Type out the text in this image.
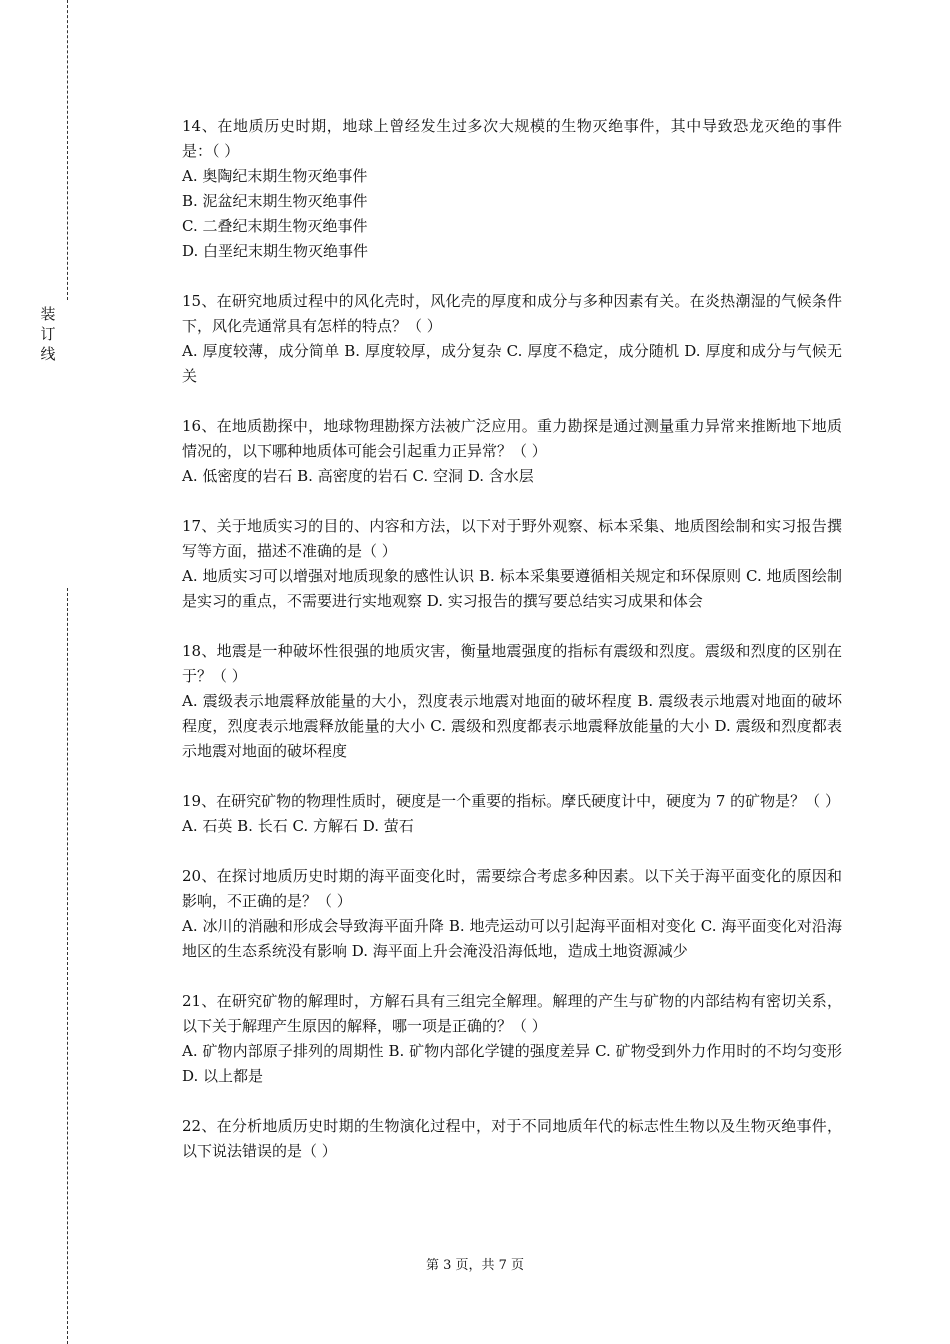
装订线

14、在地质历史时期，地球上曾经发生过多次大规模的生物灭绝事件，其中导致恐龙灭绝的事件是：（ ）

A. 奥陶纪末期生物灭绝事件

B. 泥盆纪末期生物灭绝事件

C. 二叠纪末期生物灭绝事件

D. 白垩纪末期生物灭绝事件

15、在研究地质过程中的风化壳时，风化壳的厚度和成分与多种因素有关。在炎热潮湿的气候条件下，风化壳通常具有怎样的特点？（ ）

A. 厚度较薄，成分简单 B. 厚度较厚，成分复杂 C. 厚度不稳定，成分随机 D. 厚度和成分与气候无关

16、在地质勘探中，地球物理勘探方法被广泛应用。重力勘探是通过测量重力异常来推断地下地质情况的，以下哪种地质体可能会引起重力正异常？（ ）

A. 低密度的岩石 B. 高密度的岩石 C. 空洞 D. 含水层

17、关于地质实习的目的、内容和方法，以下对于野外观察、标本采集、地质图绘制和实习报告撰写等方面，描述不准确的是（ ）

A. 地质实习可以增强对地质现象的感性认识 B. 标本采集要遵循相关规定和环保原则 C. 地质图绘制是实习的重点，不需要进行实地观察 D. 实习报告的撰写要总结实习成果和体会

18、地震是一种破坏性很强的地质灾害，衡量地震强度的指标有震级和烈度。震级和烈度的区别在于？（ ）

A. 震级表示地震释放能量的大小，烈度表示地震对地面的破坏程度 B. 震级表示地震对地面的破坏程度，烈度表示地震释放能量的大小 C. 震级和烈度都表示地震释放能量的大小 D. 震级和烈度都表示地震对地面的破坏程度

19、在研究矿物的物理性质时，硬度是一个重要的指标。摩氏硬度计中，硬度为 7 的矿物是？（ ）

A. 石英 B. 长石 C. 方解石 D. 萤石

20、在探讨地质历史时期的海平面变化时，需要综合考虑多种因素。以下关于海平面变化的原因和影响，不正确的是？（ ）

A. 冰川的消融和形成会导致海平面升降 B. 地壳运动可以引起海平面相对变化 C. 海平面变化对沿海地区的生态系统没有影响 D. 海平面上升会淹没沿海低地，造成土地资源减少

21、在研究矿物的解理时，方解石具有三组完全解理。解理的产生与矿物的内部结构有密切关系，以下关于解理产生原因的解释，哪一项是正确的？（ ）

A. 矿物内部原子排列的周期性 B. 矿物内部化学键的强度差异 C. 矿物受到外力作用时的不均匀变形 D. 以上都是

22、在分析地质历史时期的生物演化过程中，对于不同地质年代的标志性生物以及生物灭绝事件，以下说法错误的是（ ）

第 3 页，共 7 页
